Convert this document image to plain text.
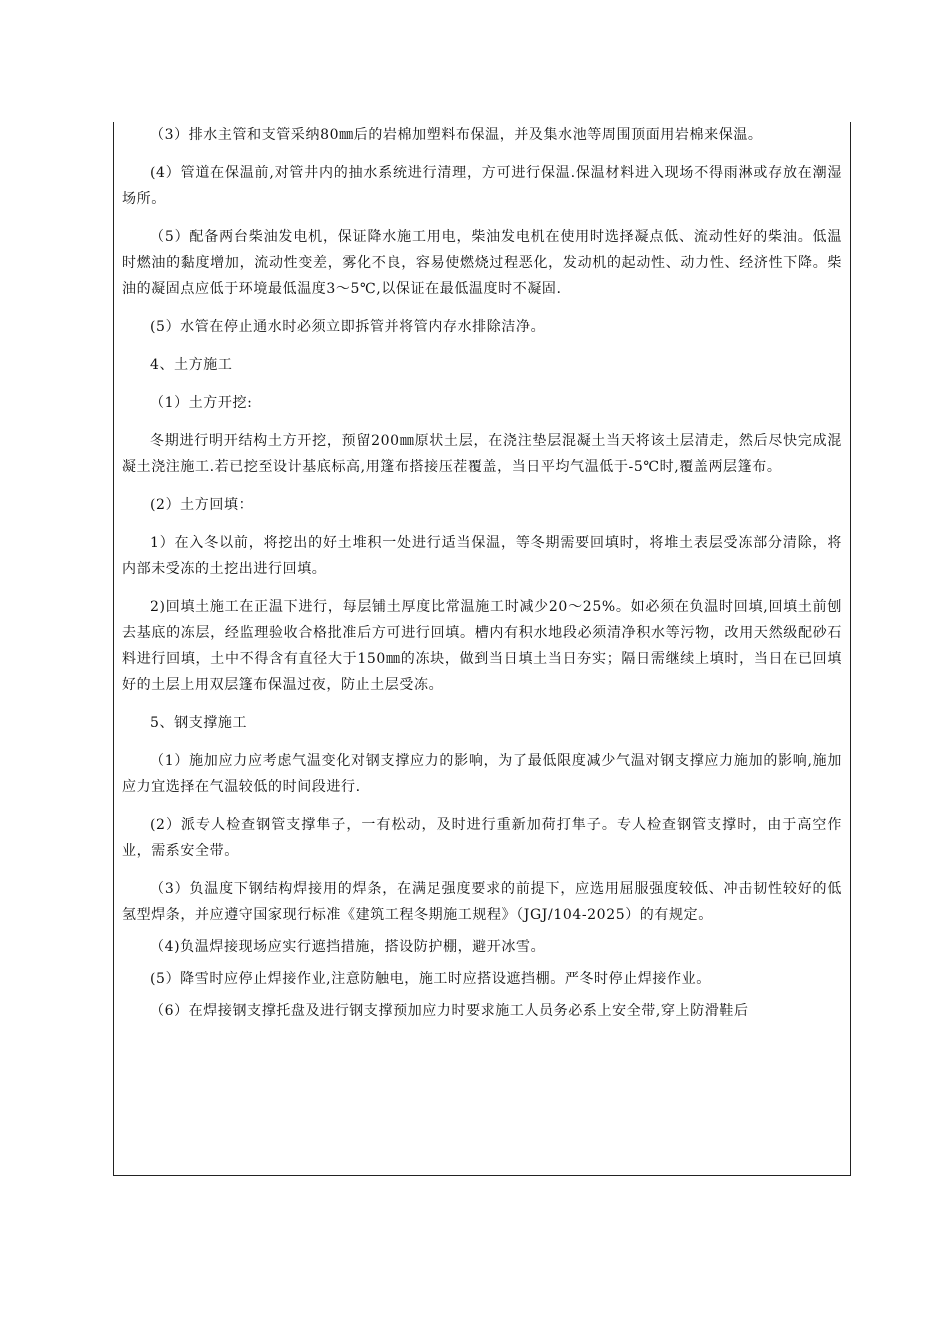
（3）排水主管和支管采纳80㎜后的岩棉加塑料布保温，并及集水池等周围顶面用岩棉来保温。

(4）管道在保温前,对管井内的抽水系统进行清理，方可进行保温.保温材料进入现场不得雨淋或存放在潮湿场所。

（5）配备两台柴油发电机，保证降水施工用电，柴油发电机在使用时选择凝点低、流动性好的柴油。低温时燃油的黏度增加，流动性变差，雾化不良，容易使燃烧过程恶化，发动机的起动性、动力性、经济性下降。柴油的凝固点应低于环境最低温度3～5℃,以保证在最低温度时不凝固.

(5）水管在停止通水时必须立即拆管并将管内存水排除洁净。

4、土方施工

（1）土方开挖:

冬期进行明开结构土方开挖，预留200㎜原状土层，在浇注垫层混凝土当天将该土层清走，然后尽快完成混凝土浇注施工.若已挖至设计基底标高,用篷布搭接压茬覆盖，当日平均气温低于-5℃时,覆盖两层篷布。

(2）土方回填：

1）在入冬以前，将挖出的好土堆积一处进行适当保温，等冬期需要回填时，将堆土表层受冻部分清除，将内部未受冻的土挖出进行回填。

2)回填土施工在正温下进行，每层铺土厚度比常温施工时减少20～25%。如必须在负温时回填,回填土前刨去基底的冻层，经监理验收合格批准后方可进行回填。槽内有积水地段必须清净积水等污物，改用天然级配砂石料进行回填，土中不得含有直径大于150㎜的冻块，做到当日填土当日夯实；隔日需继续上填时，当日在已回填好的土层上用双层篷布保温过夜，防止土层受冻。

5、钢支撑施工

（1）施加应力应考虑气温变化对钢支撑应力的影响，为了最低限度减少气温对钢支撑应力施加的影响,施加应力宜选择在气温较低的时间段进行.

(2）派专人检查钢管支撑隼子，一有松动，及时进行重新加荷打隼子。专人检查钢管支撑时，由于高空作业，需系安全带。

（3）负温度下钢结构焊接用的焊条，在满足强度要求的前提下，应选用屈服强度较低、冲击韧性较好的低氢型焊条，并应遵守国家现行标准《建筑工程冬期施工规程》（JGJ/104-2025）的有规定。

（4)负温焊接现场应实行遮挡措施，搭设防护棚，避开冰雪。

(5）降雪时应停止焊接作业,注意防触电，施工时应搭设遮挡棚。严冬时停止焊接作业。

（6）在焊接钢支撑托盘及进行钢支撑预加应力时要求施工人员务必系上安全带,穿上防滑鞋后
